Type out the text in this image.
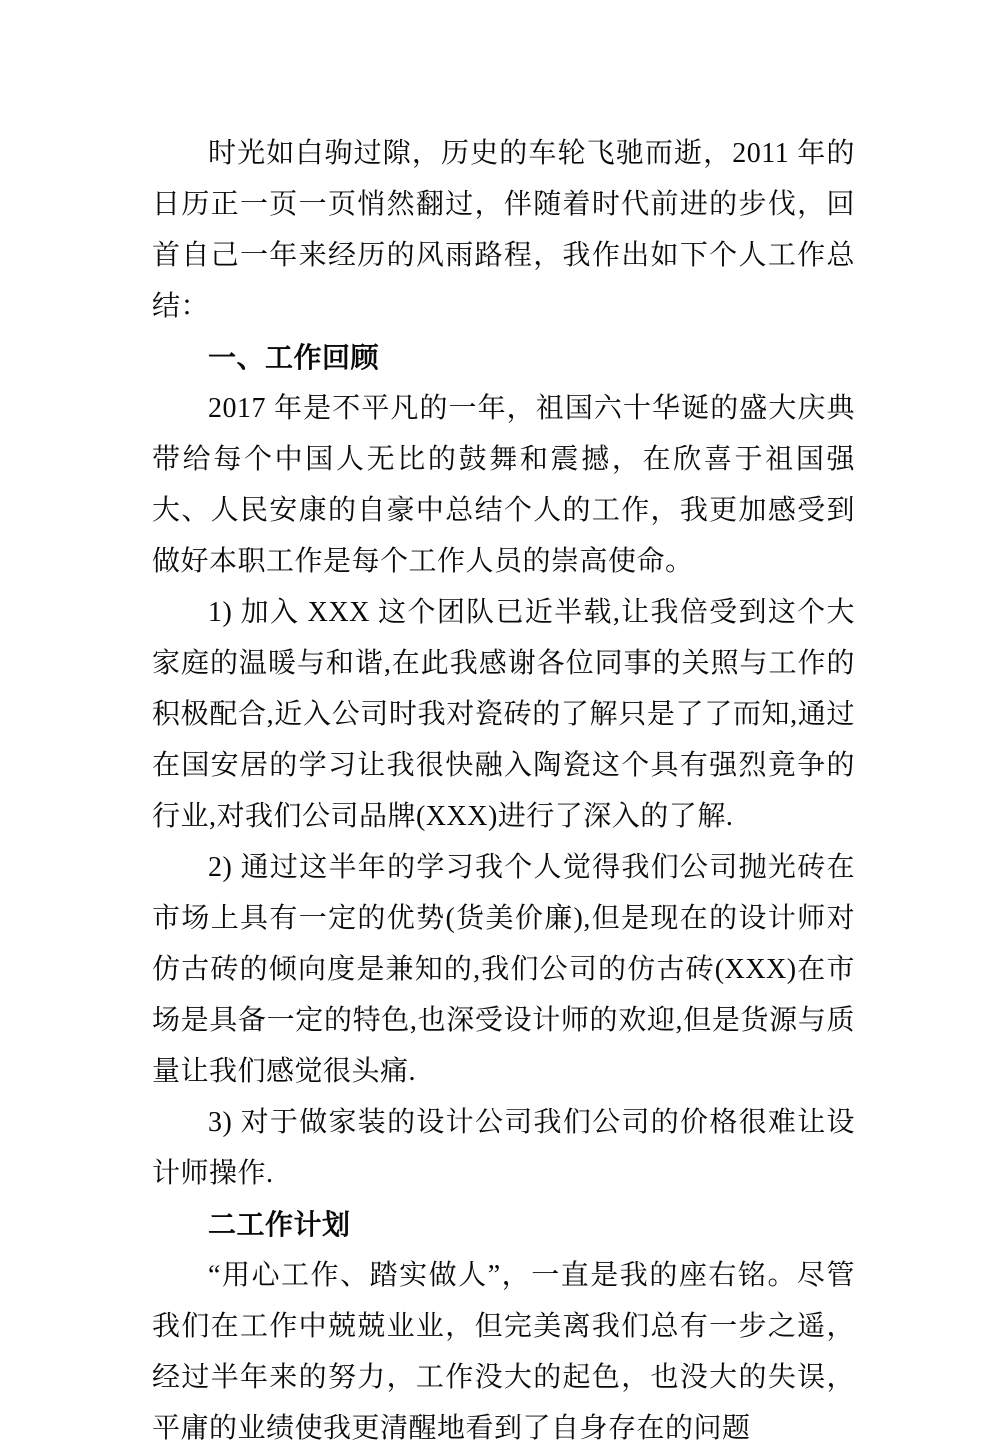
时光如白驹过隙，历史的车轮飞驰而逝，2011 年的日历正一页一页悄然翻过，伴随着时代前进的步伐，回首自己一年来经历的风雨路程，我作出如下个人工作总结：

一、工作回顾

2017 年是不平凡的一年，祖国六十华诞的盛大庆典带给每个中国人无比的鼓舞和震撼，在欣喜于祖国强大、人民安康的自豪中总结个人的工作，我更加感受到做好本职工作是每个工作人员的崇高使命。

1) 加入 XXX 这个团队已近半载,让我倍受到这个大家庭的温暖与和谐,在此我感谢各位同事的关照与工作的积极配合,近入公司时我对瓷砖的了解只是了了而知,通过在国安居的学习让我很快融入陶瓷这个具有强烈竟争的行业,对我们公司品牌(XXX)进行了深入的了解.

2) 通过这半年的学习我个人觉得我们公司抛光砖在市场上具有一定的优势(货美价廉),但是现在的设计师对仿古砖的倾向度是兼知的,我们公司的仿古砖(XXX)在市场是具备一定的特色,也深受设计师的欢迎,但是货源与质量让我们感觉很头痛.

3) 对于做家装的设计公司我们公司的价格很难让设计师操作.

二工作计划

“用心工作、踏实做人”，一直是我的座右铭。尽管我们在工作中兢兢业业，但完美离我们总有一步之遥，经过半年来的努力，工作没大的起色，也没大的失误，平庸的业绩使我更清醒地看到了自身存在的问题
